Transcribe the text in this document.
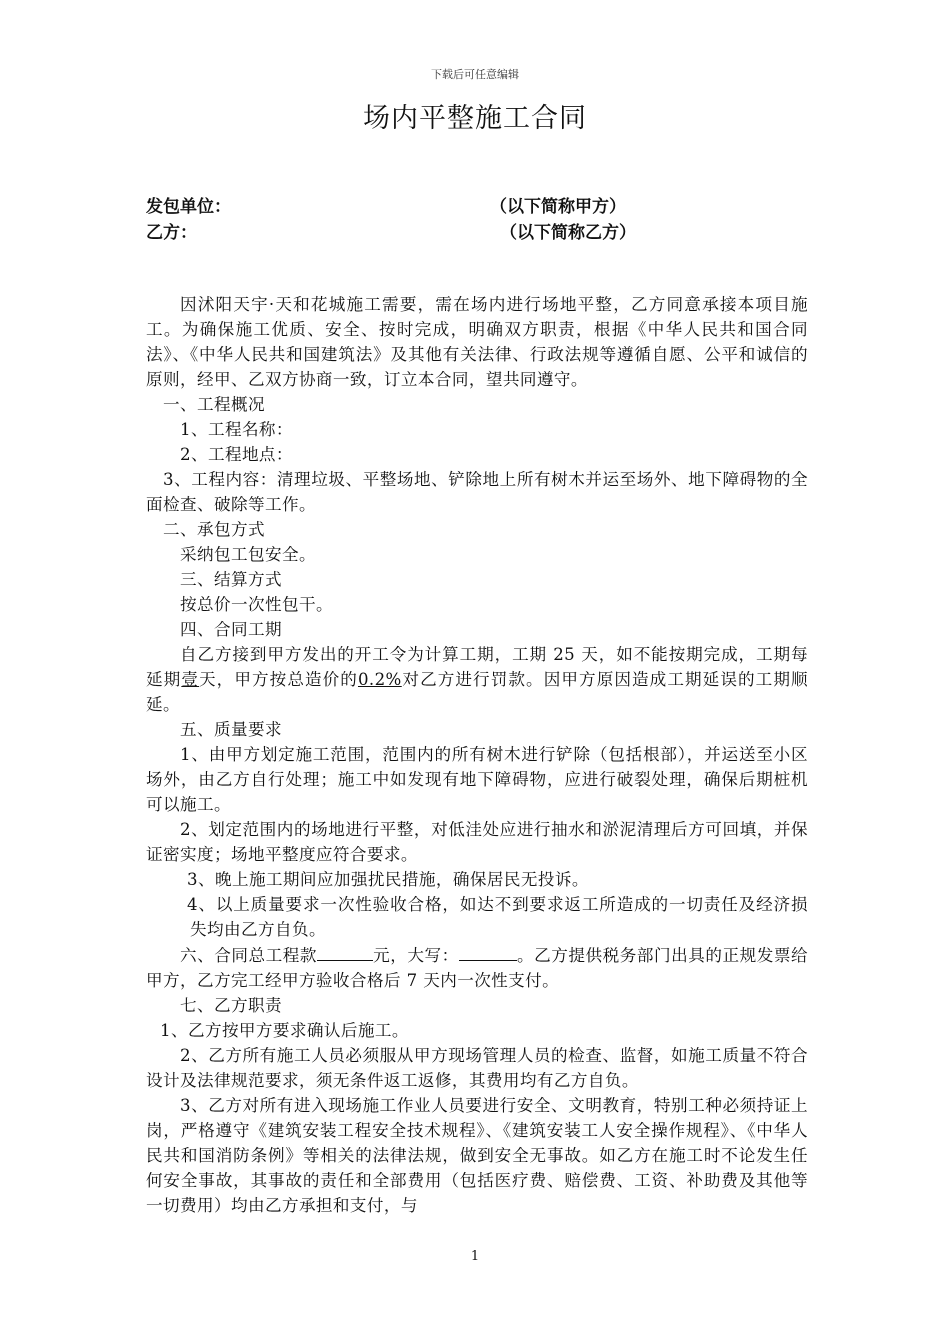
下载后可任意编辑
场内平整施工合同
发包单位：	（以下简称甲方）
乙方：	（以下简称乙方）

因沭阳天宇·天和花城施工需要，需在场内进行场地平整，乙方同意承接本项目施工。为确保施工优质、安全、按时完成，明确双方职责，根据《中华人民共和国合同法》、《中华人民共和国建筑法》及其他有关法律、行政法规等遵循自愿、公平和诚信的原则，经甲、乙双方协商一致，订立本合同，望共同遵守。

一、工程概况

1、工程名称：

2、工程地点：

3、工程内容：清理垃圾、平整场地、铲除地上所有树木并运至场外、地下障碍物的全面检查、破除等工作。

二、承包方式

采纳包工包安全。

三、结算方式

按总价一次性包干。

四、合同工期

自乙方接到甲方发出的开工令为计算工期，工期 25 天，如不能按期完成，工期每延期壹天，甲方按总造价的0.2%对乙方进行罚款。因甲方原因造成工期延误的工期顺延。

五、质量要求

1、由甲方划定施工范围，范围内的所有树木进行铲除（包括根部），并运送至小区场外，由乙方自行处理；施工中如发现有地下障碍物，应进行破裂处理，确保后期桩机可以施工。

2、划定范围内的场地进行平整，对低洼处应进行抽水和淤泥清理后方可回填，并保证密实度；场地平整度应符合要求。

3、晚上施工期间应加强扰民措施，确保居民无投诉。

4、以上质量要求一次性验收合格，如达不到要求返工所造成的一切责任及经济损失均由乙方自负。

六、合同总工程款	元，大写：	。乙方提供税务部门出具的正规发票给甲方，乙方完工经甲方验收合格后 7 天内一次性支付。

七、乙方职责

1、乙方按甲方要求确认后施工。

2、乙方所有施工人员必须服从甲方现场管理人员的检查、监督，如施工质量不符合设计及法律规范要求，须无条件返工返修，其费用均有乙方自负。

3、乙方对所有进入现场施工作业人员要进行安全、文明教育，特别工种必须持证上岗，严格遵守《建筑安装工程安全技术规程》、《建筑安装工人安全操作规程》、《中华人民共和国消防条例》等相关的法律法规，做到安全无事故。如乙方在施工时不论发生任何安全事故，其事故的责任和全部费用（包括医疗费、赔偿费、工资、补助费及其他等一切费用）均由乙方承担和支付，与

1
